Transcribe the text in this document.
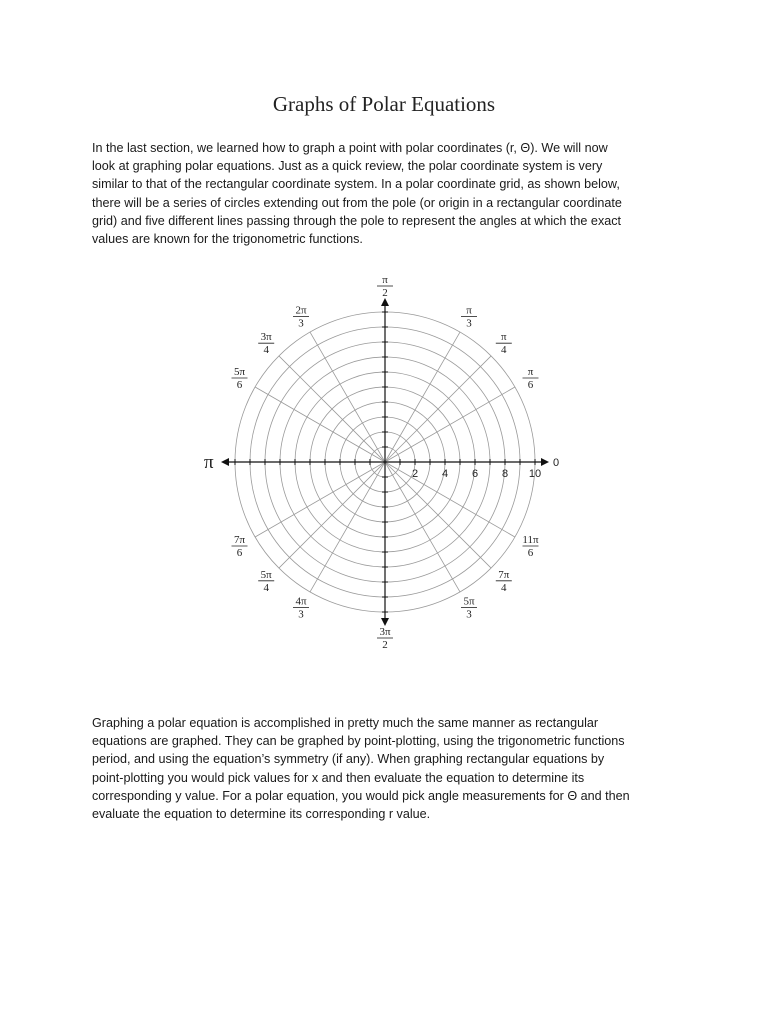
Graphs of Polar Equations
In the last section, we learned how to graph a point with polar coordinates (r, Θ). We will now
look at graphing polar equations. Just as a quick review, the polar coordinate system is very
similar to that of the rectangular coordinate system. In a polar coordinate grid, as shown below,
there will be a series of circles extending out from the pole (or origin in a rectangular coordinate
grid) and five different lines passing through the pole to represent the angles at which the exact
values are known for the trigonometric functions.
2 4 6 8 10
0
π
π
2
π
3
π
4
π
6
2π
3
3π
4
5π
6
7π
6
5π
4
4π
3
3π
2
5π
3
7π
4
11π
6
Graphing a polar equation is accomplished in pretty much the same manner as rectangular
equations are graphed. They can be graphed by point-plotting, using the trigonometric functions
period, and using the equation’s symmetry (if any). When graphing rectangular equations by
point-plotting you would pick values for x and then evaluate the equation to determine its
corresponding y value. For a polar equation, you would pick angle measurements for Θ and then
evaluate the equation to determine its corresponding r value.
